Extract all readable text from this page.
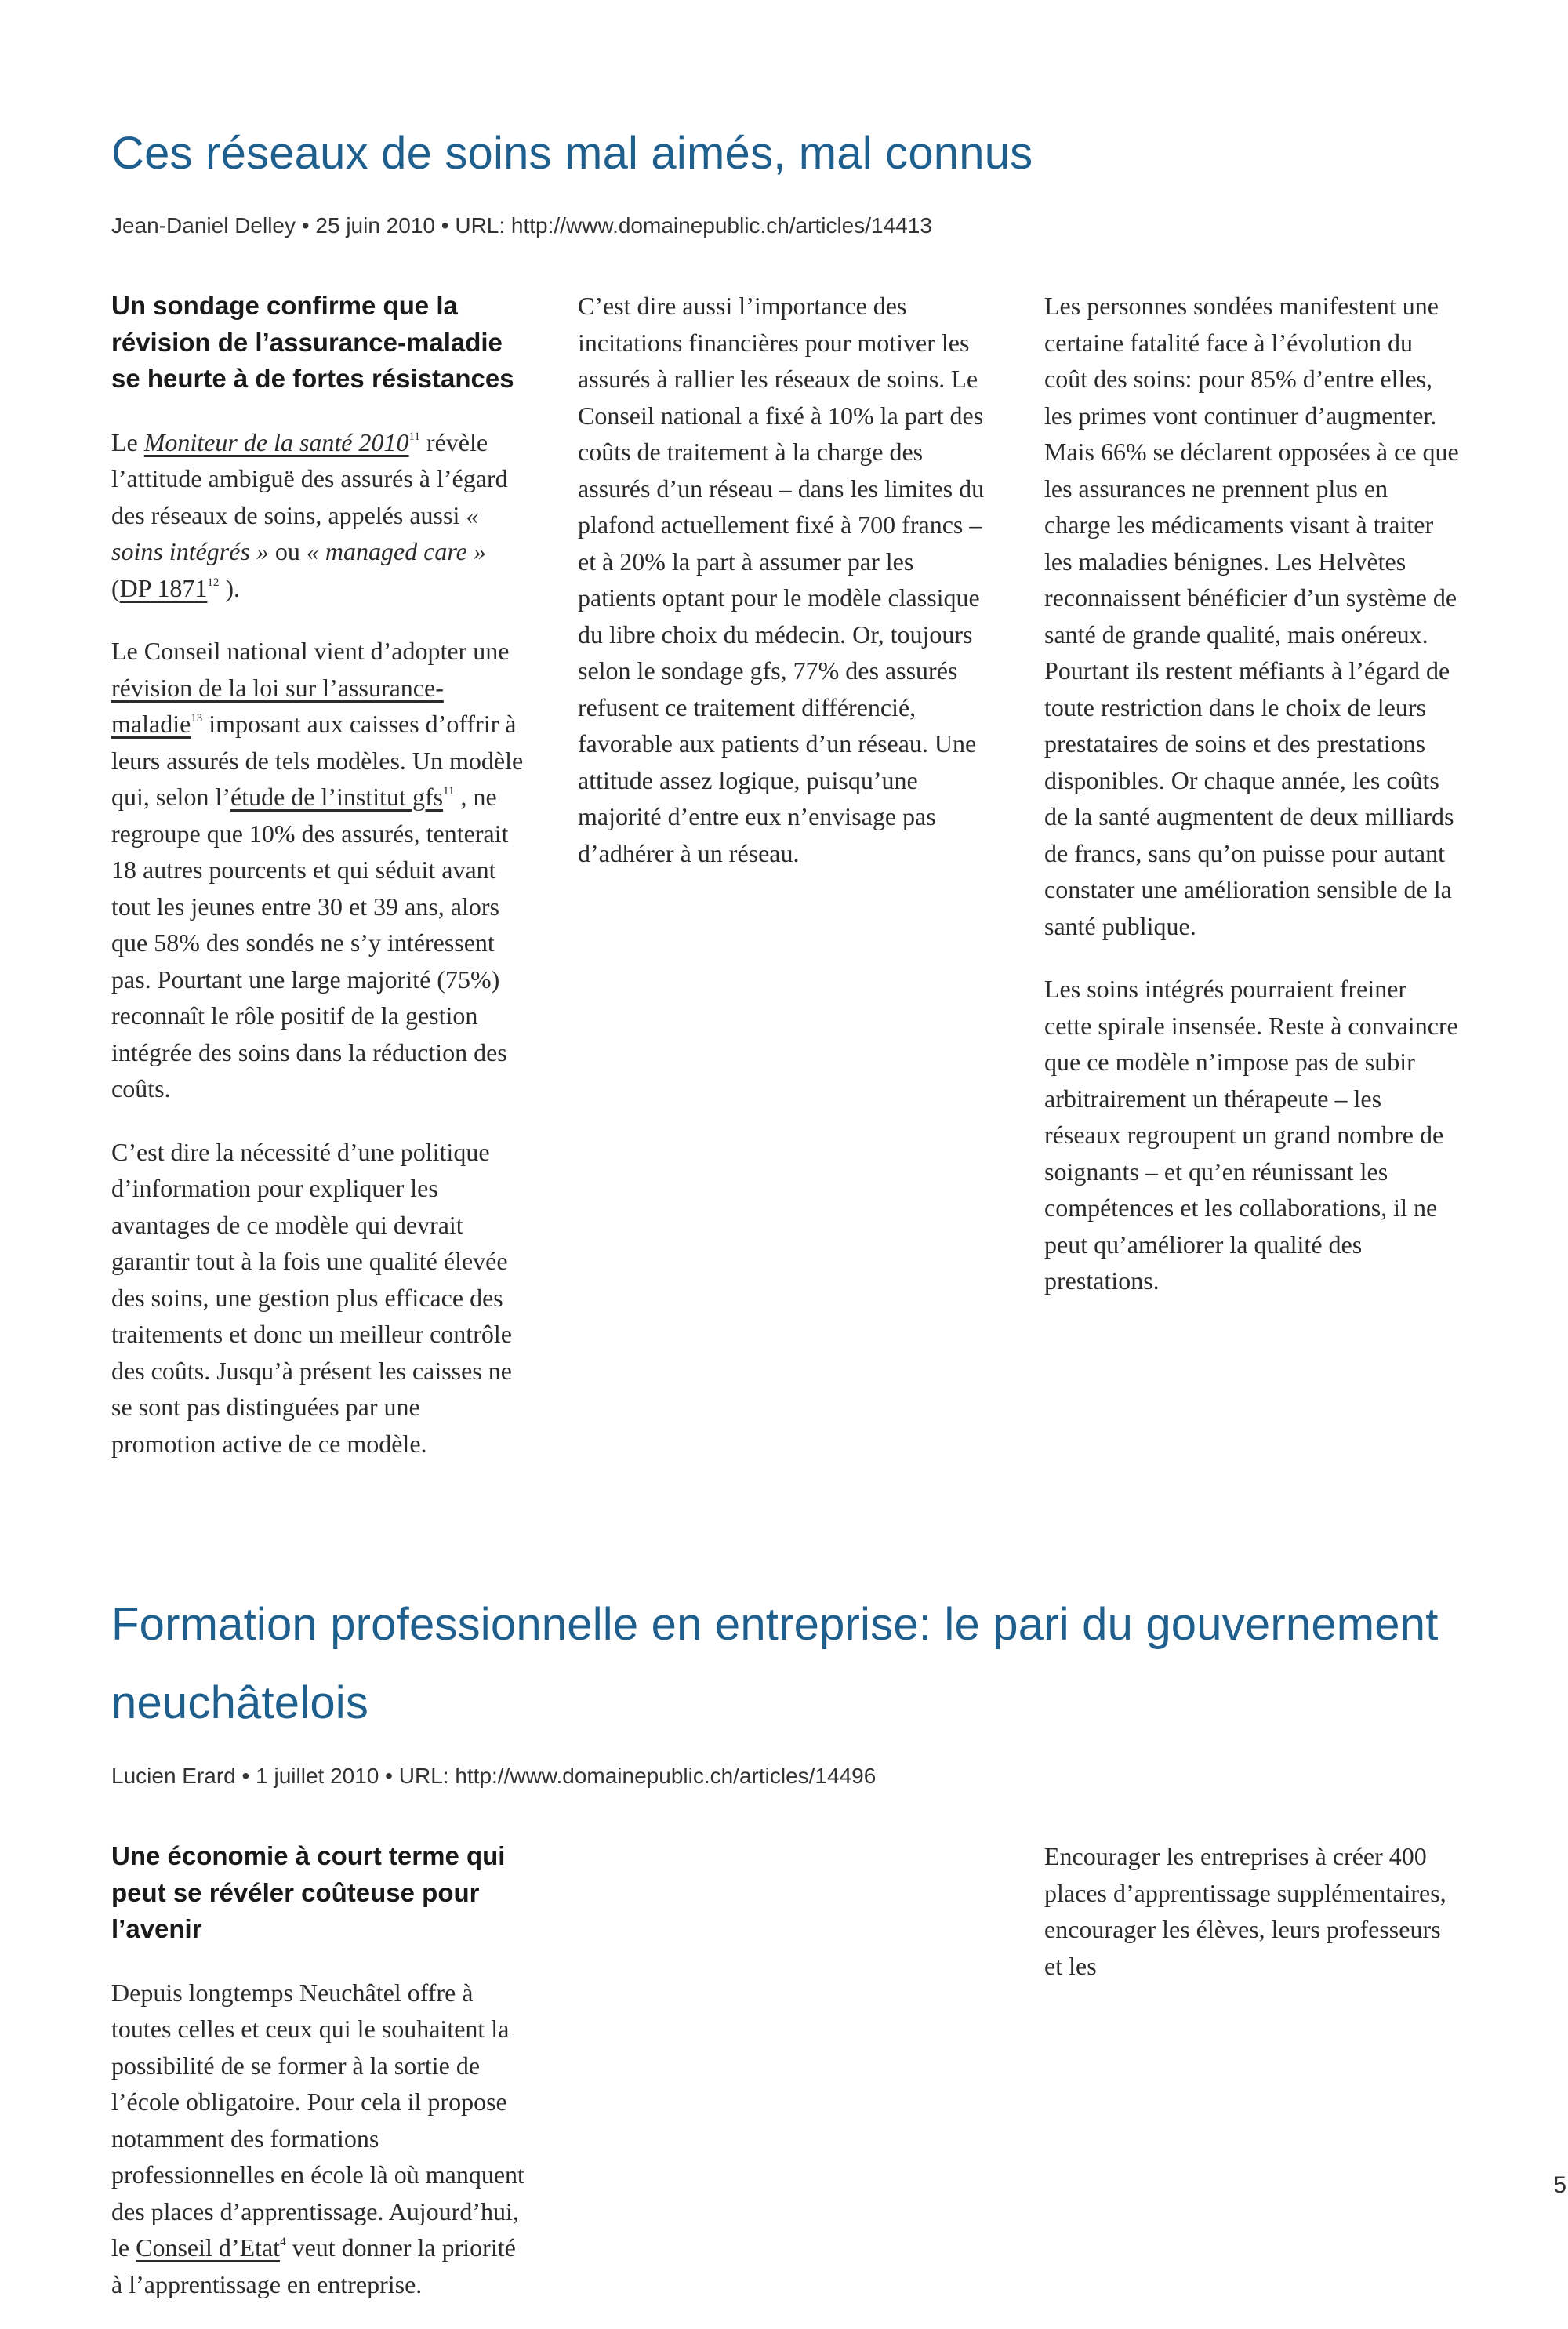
Ces réseaux de soins mal aimés, mal connus
Jean-Daniel Delley • 25 juin 2010 • URL: http://www.domainepublic.ch/articles/14413

Un sondage confirme que la révision de l’assurance-maladie se heurte à de fortes résistances

Le Moniteur de la santé 2010$^{11}$ révèle l’attitude ambiguë des assurés à l’égard des réseaux de soins, appelés aussi « soins intégrés » ou « managed care » (DP 1871$^{12}$ ).

Le Conseil national vient d’adopter une révision de la loi sur l’assurance-maladie$^{13}$ imposant aux caisses d’offrir à leurs assurés de tels modèles. Un modèle qui, selon l’étude de l’institut gfs$^{11}$ , ne regroupe que 10% des assurés, tenterait 18 autres pourcents et qui séduit avant tout les jeunes entre 30 et 39 ans, alors que 58% des sondés ne s’y intéressent pas. Pourtant une large majorité (75%) reconnaît le rôle positif de la gestion intégrée des soins dans la réduction des coûts.

C’est dire la nécessité d’une politique d’information pour expliquer les avantages de ce modèle qui devrait garantir tout à la fois une qualité élevée des soins, une gestion plus efficace des traitements et donc un meilleur contrôle des coûts. Jusqu’à présent les caisses ne se sont pas distinguées par une promotion active de ce modèle.

C’est dire aussi l’importance des incitations financières pour motiver les assurés à rallier les réseaux de soins. Le Conseil national a fixé à 10% la part des coûts de traitement à la charge des assurés d’un réseau – dans les limites du plafond actuellement fixé à 700 francs – et à 20% la part à assumer par les patients optant pour le modèle classique du libre choix du médecin. Or, toujours selon le sondage gfs, 77% des assurés refusent ce traitement différencié, favorable aux patients d’un réseau. Une attitude assez logique, puisqu’une majorité d’entre eux n’envisage pas d’adhérer à un réseau.

Les personnes sondées manifestent une certaine fatalité face à l’évolution du coût des soins: pour 85% d’entre elles, les primes vont continuer d’augmenter. Mais 66% se déclarent opposées à ce que les assurances ne prennent plus en charge les médicaments visant à traiter les maladies bénignes. Les Helvètes reconnaissent bénéficier d’un système de santé de grande qualité, mais onéreux. Pourtant ils restent méfiants à l’égard de toute restriction dans le choix de leurs prestataires de soins et des prestations disponibles. Or chaque année, les coûts de la santé augmentent de deux milliards de francs, sans qu’on puisse pour autant constater une amélioration sensible de la santé publique.

Les soins intégrés pourraient freiner cette spirale insensée. Reste à convaincre que ce modèle n’impose pas de subir arbitrairement un thérapeute – les réseaux regroupent un grand nombre de soignants – et qu’en réunissant les compétences et les collaborations, il ne peut qu’améliorer la qualité des prestations.

Formation professionnelle en entreprise: le pari du gouvernement neuchâtelois
Lucien Erard • 1 juillet 2010 • URL: http://www.domainepublic.ch/articles/14496

Une économie à court terme qui peut se révéler coûteuse pour l’avenir

Depuis longtemps Neuchâtel offre à toutes celles et ceux qui le souhaitent la possibilité de se former à la sortie de l’école obligatoire. Pour cela il propose notamment des formations professionnelles en école là où manquent des places d’apprentissage. Aujourd’hui, le Conseil d’Etat$^4$ veut donner la priorité à l’apprentissage en entreprise.

Encourager les entreprises à créer 400 places d’apprentissage supplémentaires, encourager les élèves, leurs professeurs et les

5
